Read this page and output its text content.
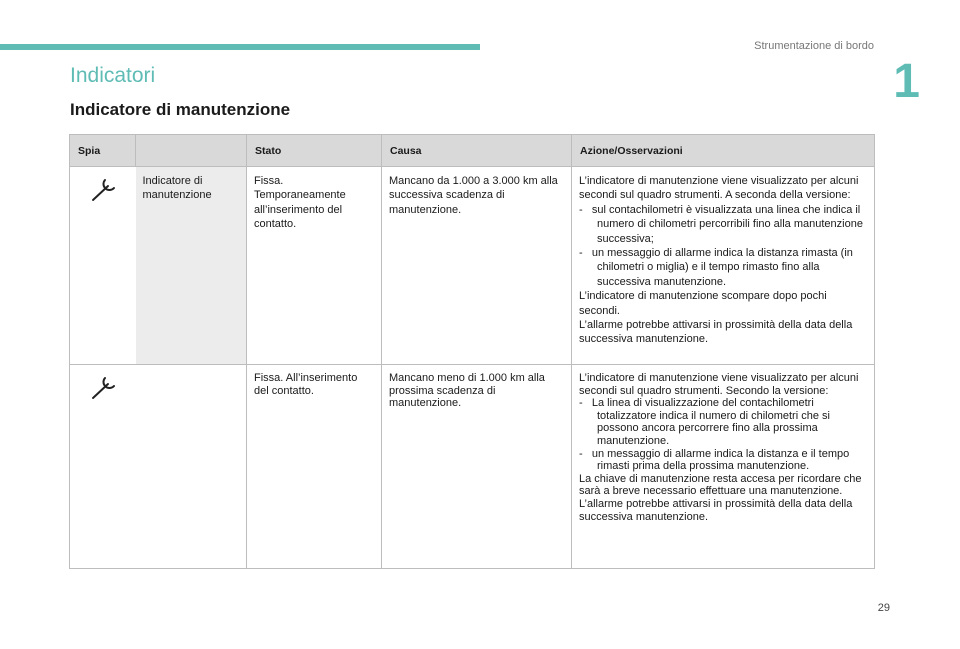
Strumentazione di bordo
1
Indicatori
Indicatore di manutenzione
Spia		Stato	Causa	Azione/Osservazioni
	Indicatore di manutenzione	Fissa. Temporaneamente all’inserimento del contatto.	Mancano da 1.000 a 3.000 km alla successiva scadenza di manutenzione.	L’indicatore di manutenzione viene visualizzato per alcuni secondi sul quadro strumenti. A seconda della versione:
-   sul contachilometri è visualizzata una linea che indica il numero di chilometri percorribili fino alla manutenzione successiva;
-   un messaggio di allarme indica la distanza rimasta (in chilometri o miglia) e il tempo rimasto fino alla successiva manutenzione.
L’indicatore di manutenzione scompare dopo pochi secondi.
L’allarme potrebbe attivarsi in prossimità della data della successiva manutenzione.

		Fissa. All’inserimento del contatto.	Mancano meno di 1.000 km alla prossima scadenza di manutenzione.	L’indicatore di manutenzione viene visualizzato per alcuni secondi sul quadro strumenti. Secondo la versione:
-   La linea di visualizzazione del contachilometri totalizzatore indica il numero di chilometri che si possono ancora percorrere fino alla prossima manutenzione.
-   un messaggio di allarme indica la distanza e il tempo rimasti prima della prossima manutenzione.
La chiave di manutenzione resta accesa per ricordare che sarà a breve necessario effettuare una manutenzione.
L’allarme potrebbe attivarsi in prossimità della data della successiva manutenzione.
29
